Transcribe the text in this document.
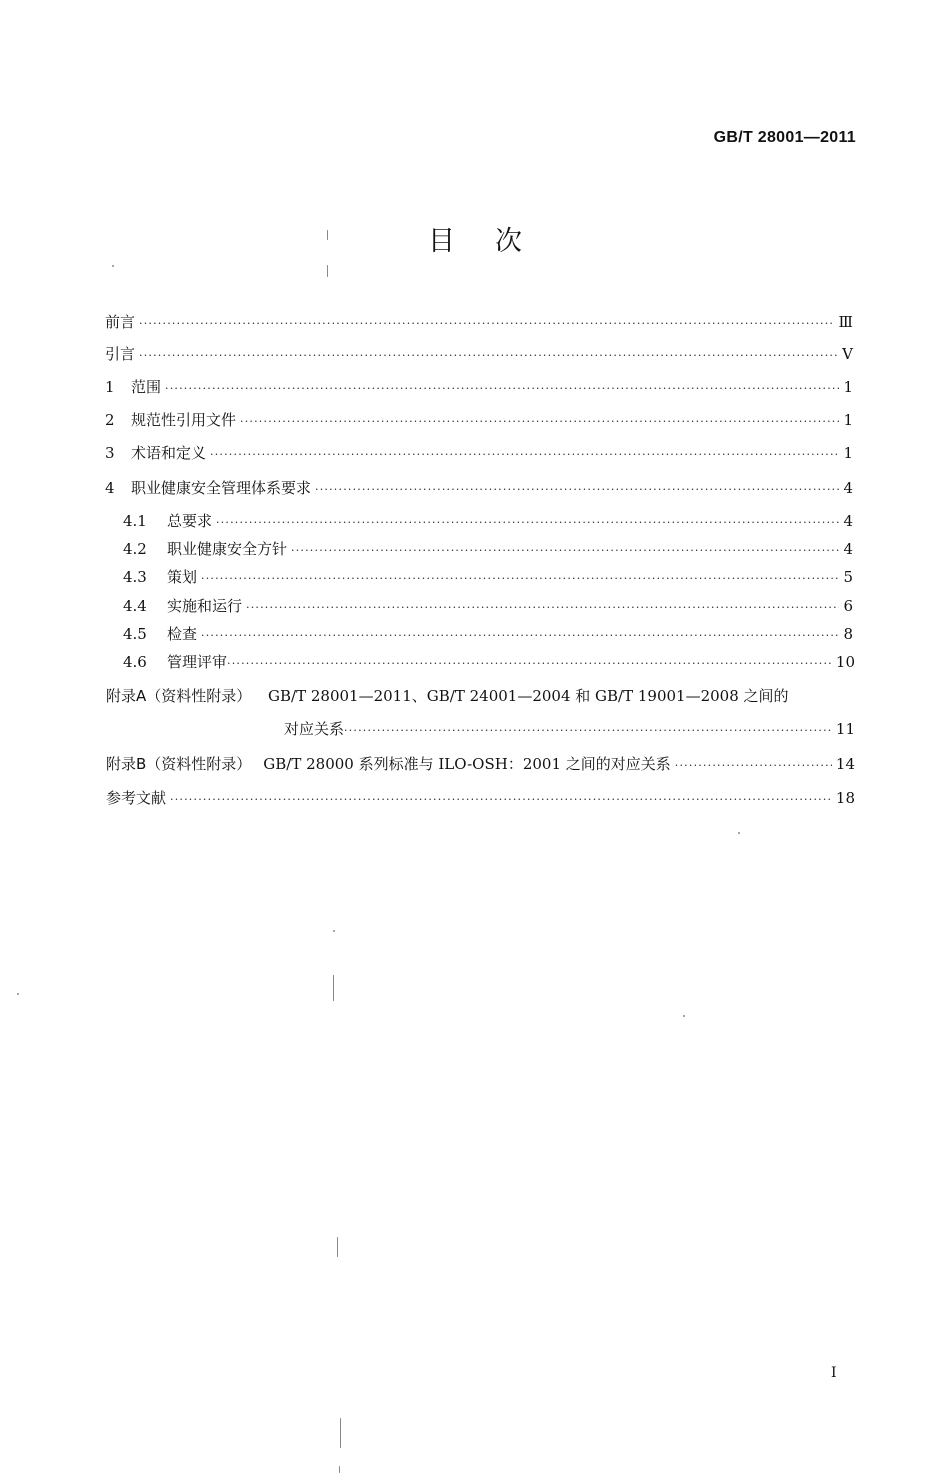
GB/T 28001—2011
目次
前言 ·····	Ⅲ
引言 ·····	Ⅴ
1	范围 ·····	1
2	规范性引用文件 ·····	1
3	术语和定义 ·····	1
4	职业健康安全管理体系要求 ·····	4
4.1	总要求 ·····	4
4.2	职业健康安全方针 ·····	4
4.3	策划 ·····	5
4.4	实施和运行 ·····	6
4.5	检查 ·····	8
4.6	管理评审 ·····	10
附录A（资料性附录） GB/T 28001—2011、GB/T 24001—2004 和 GB/T 19001—2008 之间的
对应关系 ·····	11
附录B（资料性附录） GB/T 28000 系列标准与 ILO-OSH：2001 之间的对应关系 ·····	14
参考文献 ·····	18
Ⅰ
